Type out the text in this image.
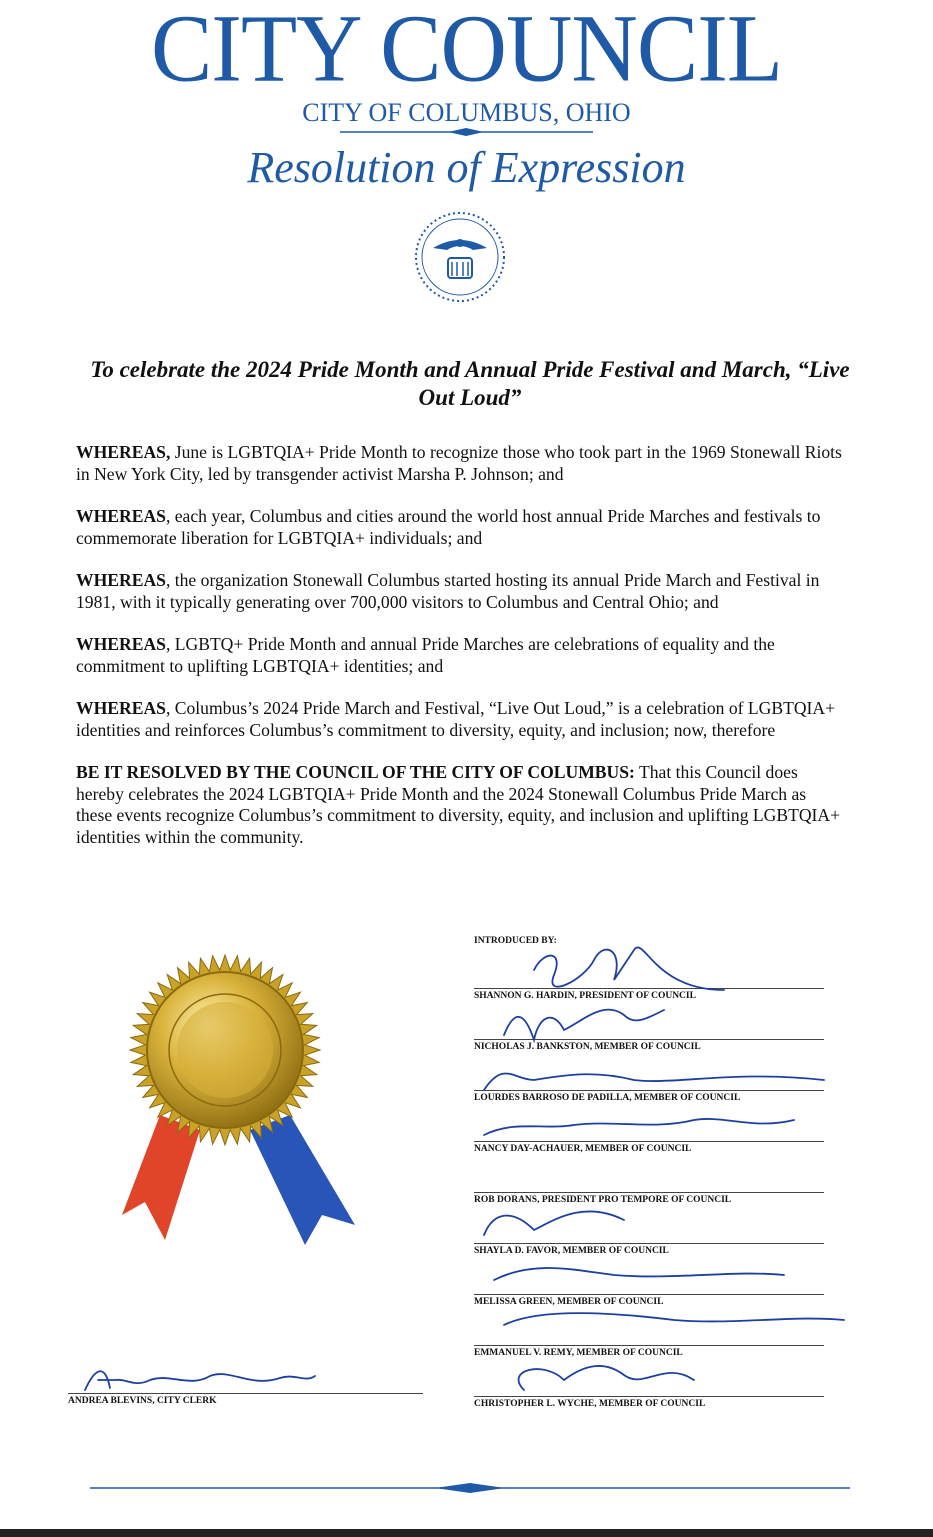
CITY COUNCIL
CITY OF COLUMBUS, OHIO
Resolution of Expression
To celebrate the 2024 Pride Month and Annual Pride Festival and March, “Live Out Loud”

WHEREAS, June is LGBTQIA+ Pride Month to recognize those who took part in the 1969 Stonewall Riots in New York City, led by transgender activist Marsha P. Johnson; and

WHEREAS, each year, Columbus and cities around the world host annual Pride Marches and festivals to commemorate liberation for LGBTQIA+ individuals; and

WHEREAS, the organization Stonewall Columbus started hosting its annual Pride March and Festival in 1981, with it typically generating over 700,000 visitors to Columbus and Central Ohio; and

WHEREAS, LGBTQ+ Pride Month and annual Pride Marches are celebrations of equality and the commitment to uplifting LGBTQIA+ identities; and

WHEREAS, Columbus’s 2024 Pride March and Festival, “Live Out Loud,” is a celebration of LGBTQIA+ identities and reinforces Columbus’s commitment to diversity, equity, and inclusion; now, therefore

BE IT RESOLVED BY THE COUNCIL OF THE CITY OF COLUMBUS: That this Council does hereby celebrates the 2024 LGBTQIA+ Pride Month and the 2024 Stonewall Columbus Pride March as these events recognize Columbus’s commitment to diversity, equity, and inclusion and uplifting LGBTQIA+ identities within the community.

INTRODUCED BY:
SHANNON G. HARDIN, PRESIDENT OF COUNCIL
NICHOLAS J. BANKSTON, MEMBER OF COUNCIL
LOURDES BARROSO DE PADILLA, MEMBER OF COUNCIL
NANCY DAY-ACHAUER, MEMBER OF COUNCIL
ROB DORANS, PRESIDENT PRO TEMPORE OF COUNCIL
SHAYLA D. FAVOR, MEMBER OF COUNCIL
MELISSA GREEN, MEMBER OF COUNCIL
EMMANUEL V. REMY, MEMBER OF COUNCIL
CHRISTOPHER L. WYCHE, MEMBER OF COUNCIL
ANDREA BLEVINS, CITY CLERK
